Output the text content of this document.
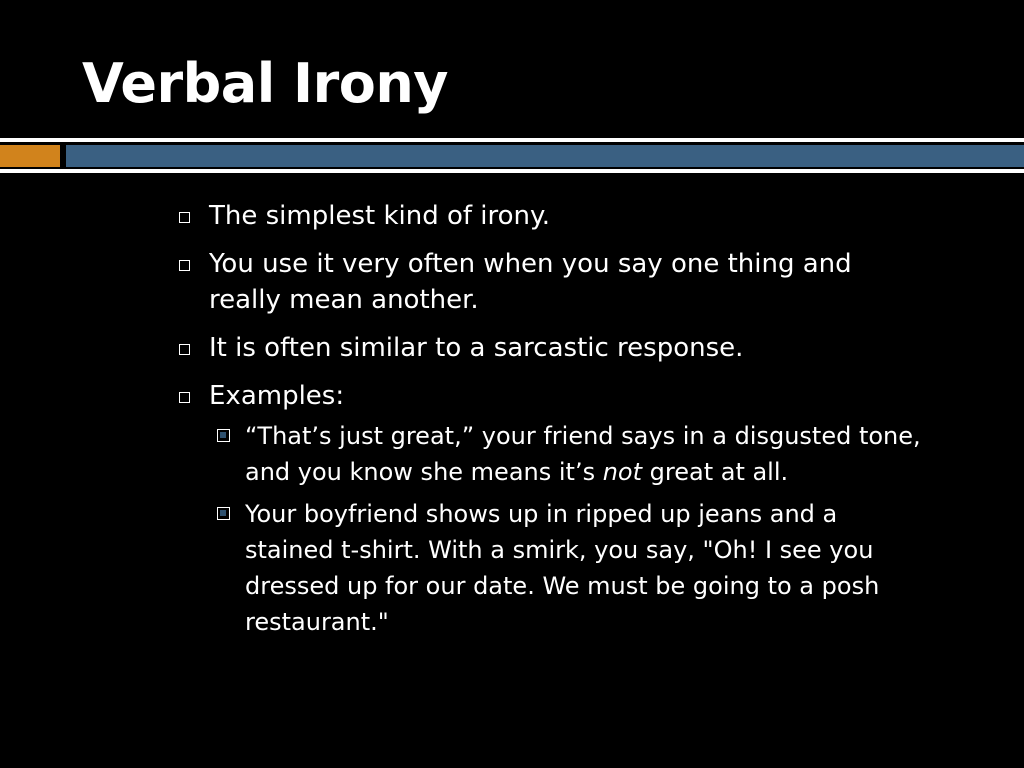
Verbal Irony
The simplest kind of irony.
You use it very often when you say one thing and really mean another.
It is often similar to a sarcastic response.
Examples:
“That’s just great,” your friend says in a disgusted tone, and you know she means it’s not great at all.
Your boyfriend shows up in ripped up jeans and a stained t-shirt. With a smirk, you say, "Oh! I see you dressed up for our date. We must be going to a posh restaurant."
